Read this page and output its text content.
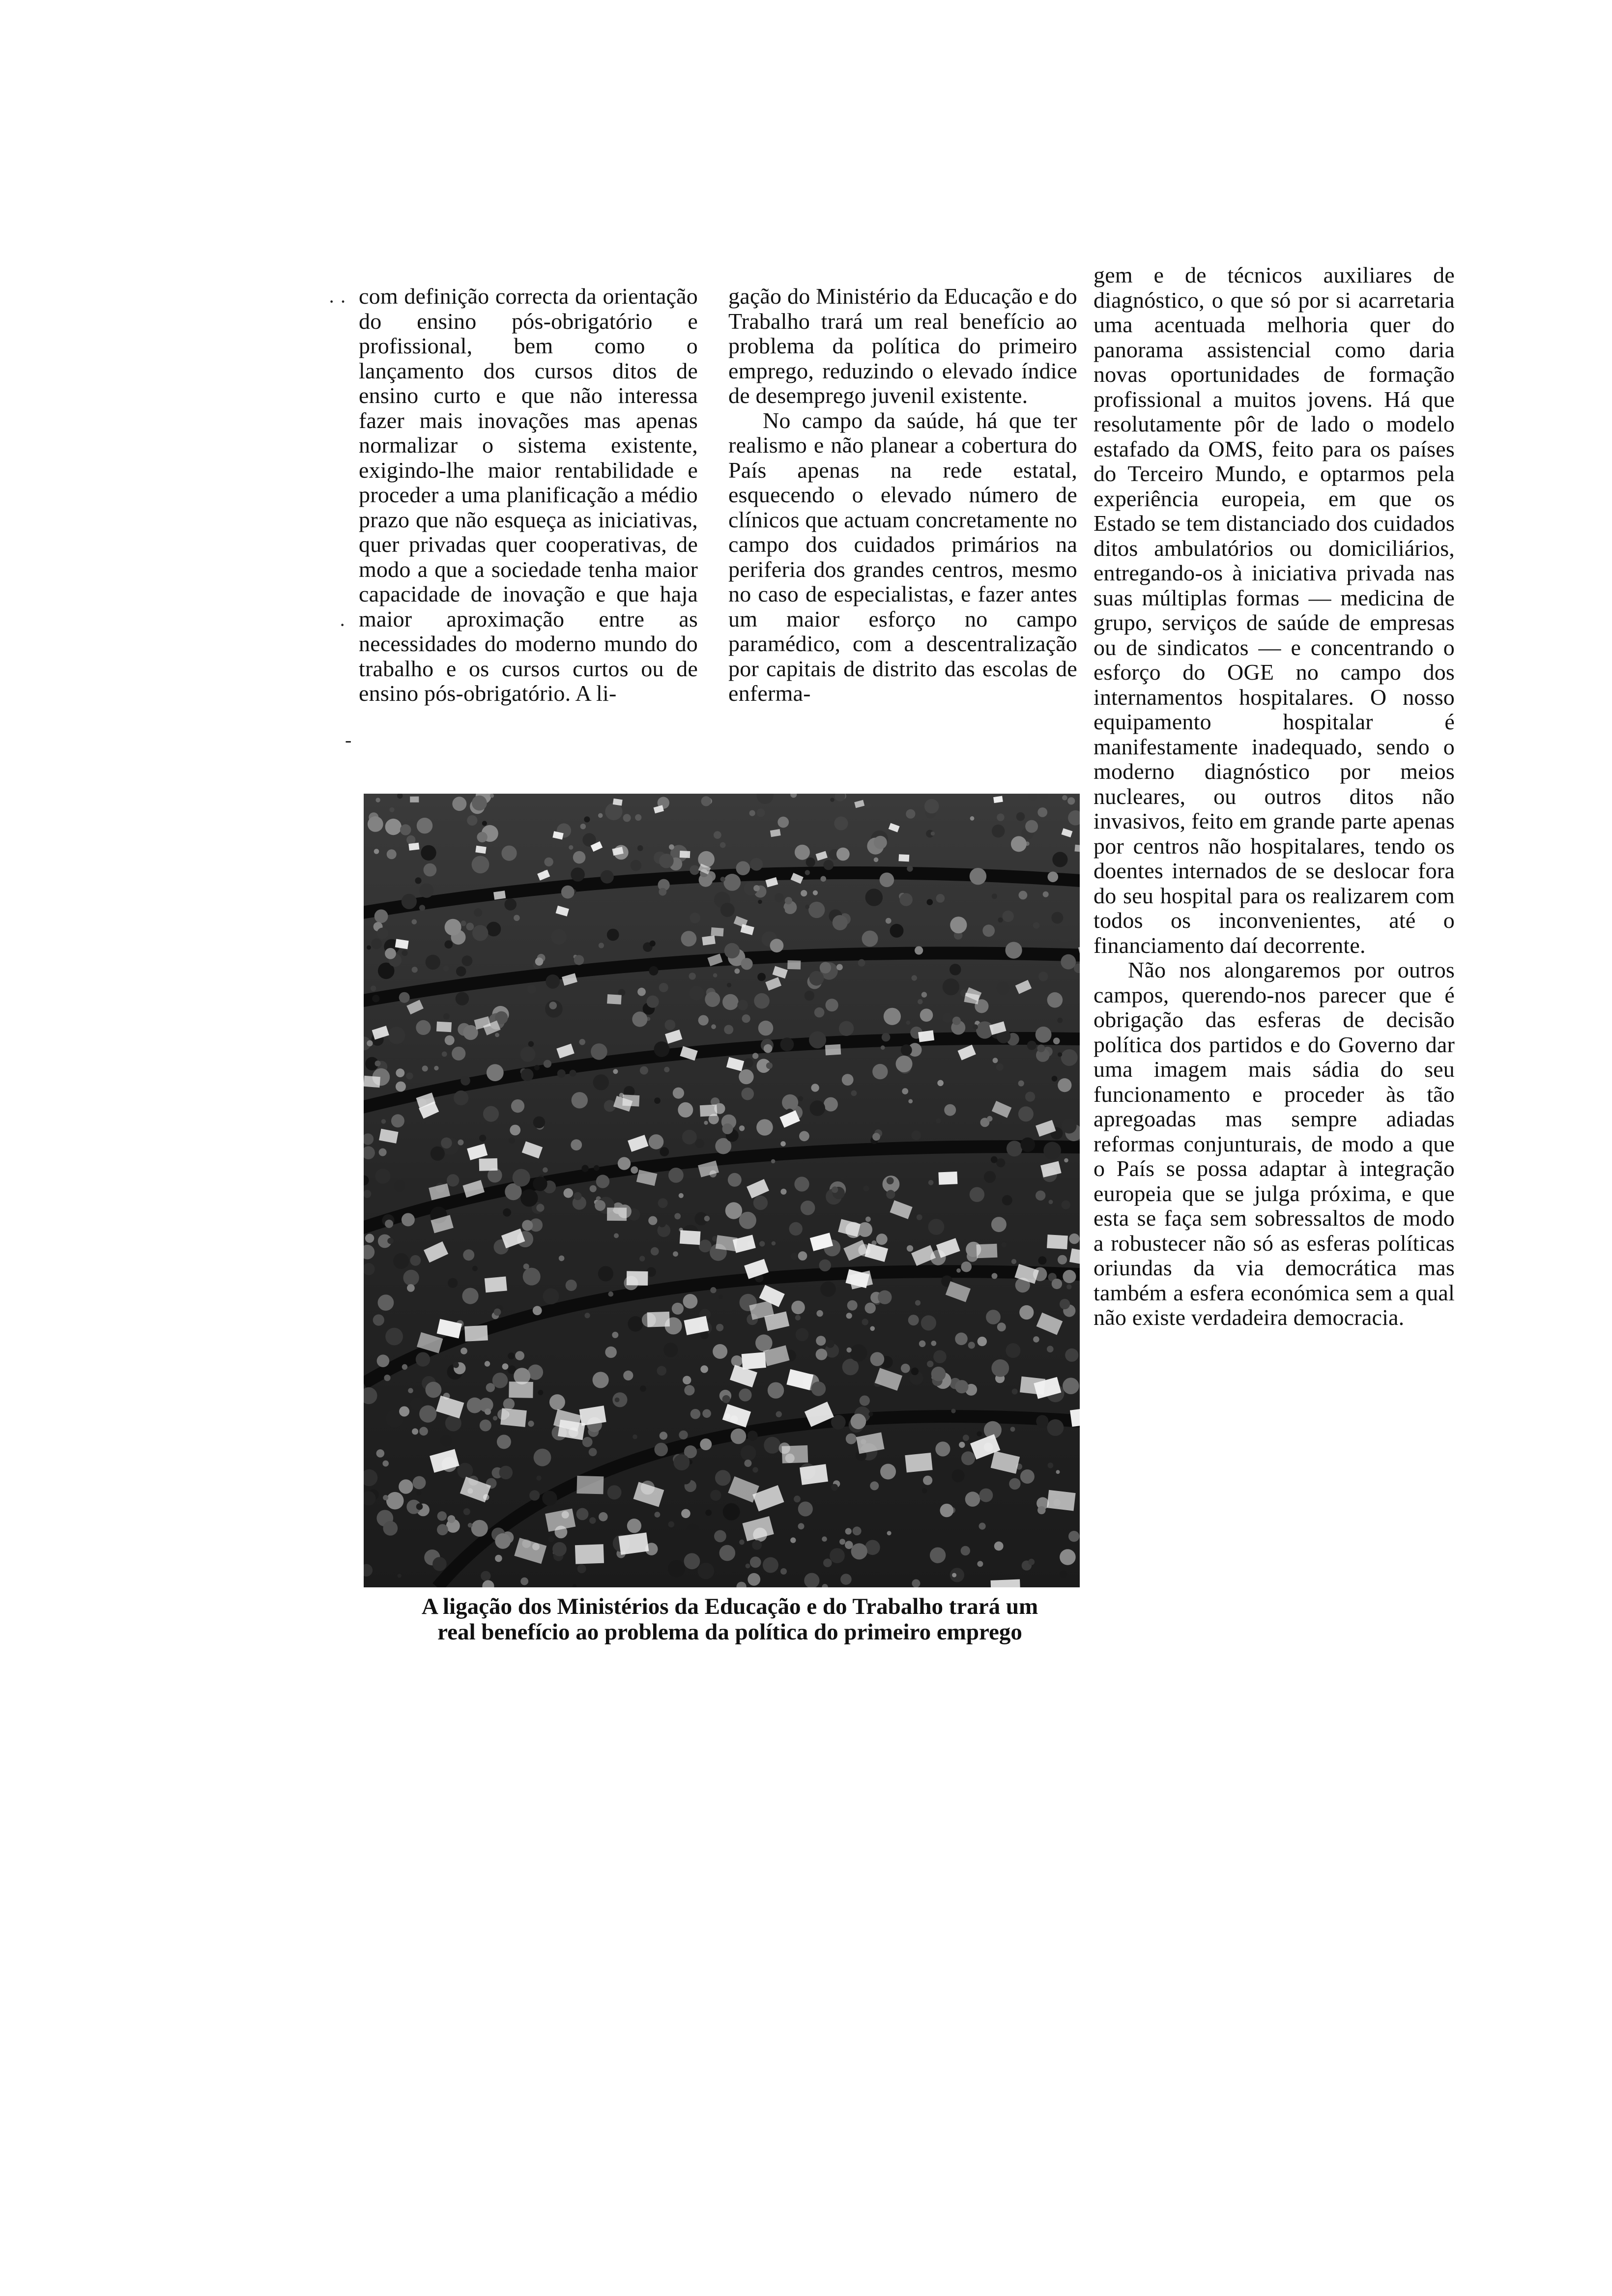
· ·
·
-

com definição correcta da orientação do ensino pós-obrigatório e profissional, bem como o lançamento dos cursos ditos de ensino curto e que não interessa fazer mais inovações mas apenas normalizar o sistema existente, exigindo-lhe maior rentabilidade e proceder a uma planificação a médio prazo que não esqueça as iniciativas, quer privadas quer cooperativas, de modo a que a sociedade tenha maior capacidade de inovação e que haja maior aproximação entre as necessidades do moderno mundo do trabalho e os cursos curtos ou de ensino pós-obrigatório. A li-

gação do Ministério da Educação e do Trabalho trará um real benefício ao problema da política do primeiro emprego, reduzindo o elevado índice de desemprego juvenil existente.

No campo da saúde, há que ter realismo e não planear a cobertura do País apenas na rede estatal, esquecendo o elevado número de clínicos que actuam concretamente no campo dos cuidados primários na periferia dos grandes centros, mesmo no caso de especialistas, e fazer antes um maior esforço no campo paramédico, com a descentralização por capitais de distrito das escolas de enferma-

gem e de técnicos auxiliares de diagnóstico, o que só por si acarretaria uma acentuada melhoria quer do panorama assistencial como daria novas oportunidades de formação profissional a muitos jovens. Há que resolutamente pôr de lado o modelo estafado da OMS, feito para os países do Terceiro Mundo, e optarmos pela experiência europeia, em que os Estado se tem distanciado dos cuidados ditos ambulatórios ou domiciliários, entregando-os à iniciativa privada nas suas múltiplas formas — medicina de grupo, serviços de saúde de empresas ou de sindicatos — e concentrando o esforço do OGE no campo dos internamentos hospitalares. O nosso equipamento hospitalar é manifestamente inadequado, sendo o moderno diagnóstico por meios nucleares, ou outros ditos não invasivos, feito em grande parte apenas por centros não hospitalares, tendo os doentes internados de se deslocar fora do seu hospital para os realizarem com todos os inconvenientes, até o financiamento daí decorrente.

Não nos alongaremos por outros campos, querendo-nos parecer que é obrigação das esferas de decisão política dos partidos e do Governo dar uma imagem mais sádia do seu funcionamento e proceder às tão apregoadas mas sempre adiadas reformas conjunturais, de modo a que o País se possa adaptar à integração europeia que se julga próxima, e que esta se faça sem sobressaltos de modo a robustecer não só as esferas políticas oriundas da via democrática mas também a esfera económica sem a qual não existe verdadeira democracia.

A ligação dos Ministérios da Educação e do Trabalho trará um
real benefício ao problema da política do primeiro emprego
